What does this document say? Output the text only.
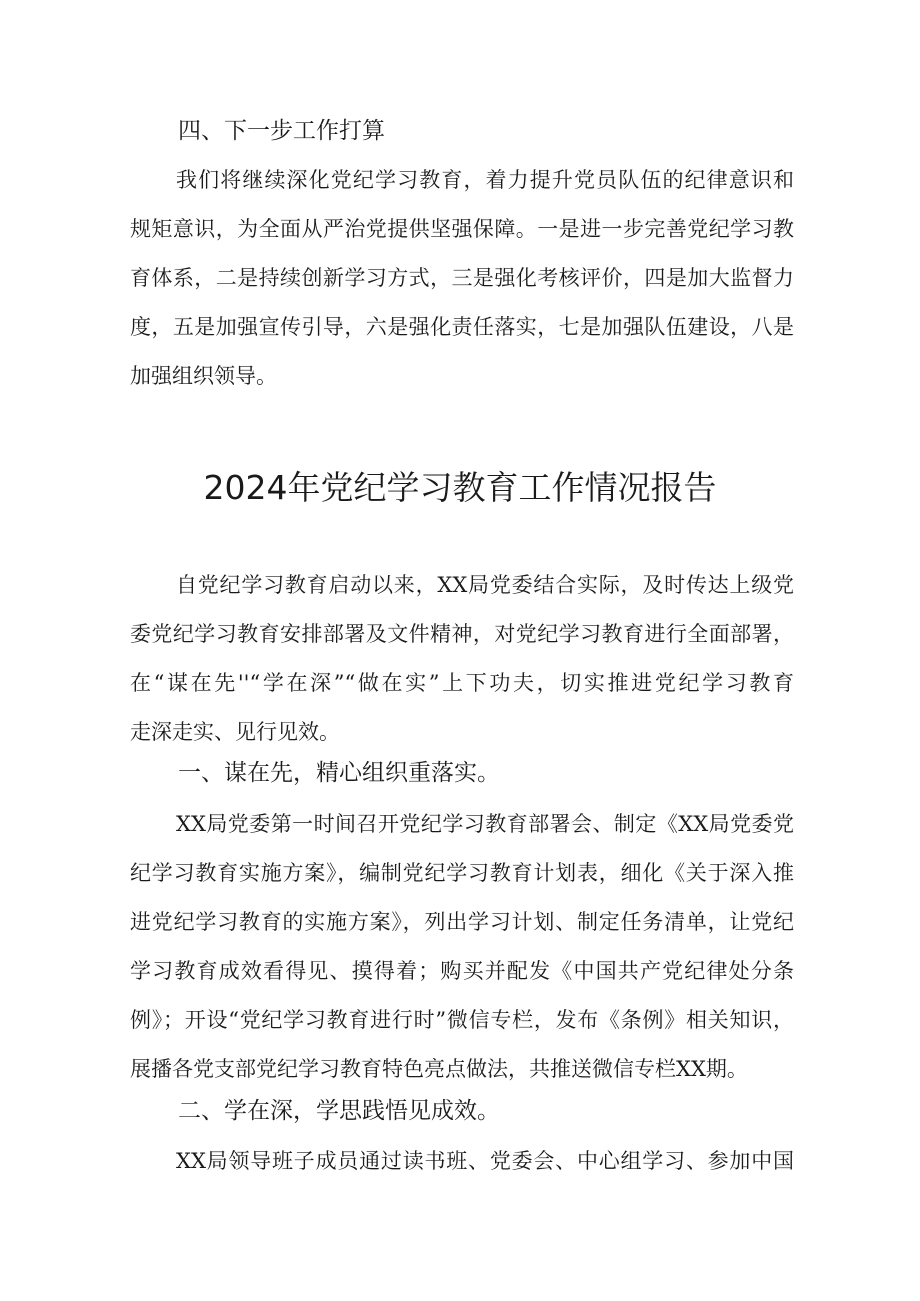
四、下一步工作打算

我们将继续深化党纪学习教育，着力提升党员队伍的纪律意识和
规矩意识，为全面从严治党提供坚强保障。一是进一步完善党纪学习教
育体系，二是持续创新学习方式，三是强化考核评价，四是加大监督力
度，五是加强宣传引导，六是强化责任落实，七是加强队伍建设，八是
加强组织领导。

2024年党纪学习教育工作情况报告

自党纪学习教育启动以来，XX局党委结合实际，及时传达上级党
委党纪学习教育安排部署及文件精神，对党纪学习教育进行全面部署，
在“谋在先''“学在深”“做在实”上下功夫，切实推进党纪学习教育
走深走实、见行见效。

一、谋在先，精心组织重落实。

XX局党委第一时间召开党纪学习教育部署会、制定《XX局党委党
纪学习教育实施方案》，编制党纪学习教育计划表，细化《关于深入推
进党纪学习教育的实施方案》，列出学习计划、制定任务清单，让党纪
学习教育成效看得见、摸得着；购买并配发《中国共产党纪律处分条
例》；开设“党纪学习教育进行时”微信专栏，发布《条例》相关知识，
展播各党支部党纪学习教育特色亮点做法，共推送微信专栏XX期。

二、学在深，学思践悟见成效。

XX局领导班子成员通过读书班、党委会、中心组学习、参加中国
